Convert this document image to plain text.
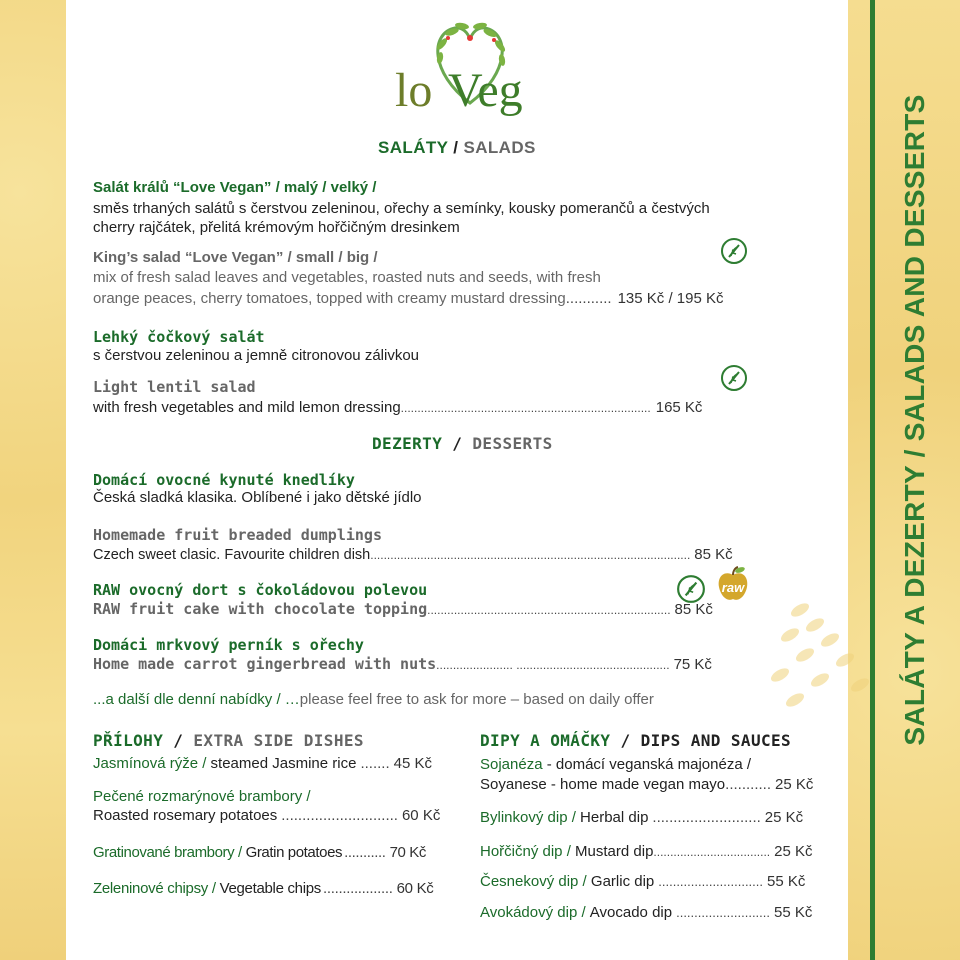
SALÁTY A DEZERTY / SALADS AND DESSERTS
lo Veg
SALÁTY / SALADS
Salát králů “Love Vegan” / malý / velký /
směs trhaných salátů s čerstvou zeleninou, ořechy a semínky, kousky pomerančů a čestvých
cherry rajčátek, přelitá krémovým hořčičným dresinkem
King’s salad “Love Vegan” / small / big /
mix of fresh salad leaves and vegetables, roasted nuts and seeds, with fresh
orange peaces, cherry tomatoes, topped with creamy mustard dressing ........... 135 Kč / 195 Kč
Lehký čočkový salát
s čerstvou zeleninou a jemně citronovou zálivkou
Light lentil salad
with fresh vegetables and mild lemon dressing ........................................................................... 165 Kč
DEZERTY / DESSERTS
Domácí ovocné kynuté knedlíky
Česká sladká klasika. Oblíbené i jako dětské jídlo
Homemade fruit breaded dumplings
Czech sweet clasic. Favourite children dish ................................................................................................ 85 Kč
RAW ovocný dort s čokoládovou polevou
RAW fruit cake with chocolate topping ......................................................................... 85 Kč
raw
Domáci mrkvový perník s ořechy
Home made carrot gingerbread with nuts ....................... .............................................. 75 Kč
...a další dle denní nabídky / …please feel free to ask for more – based on daily offer
PŘÍLOHY / EXTRA SIDE DISHES
Jasmínová rýže /
steamed Jasmine rice ....... 45 Kč
Pečené rozmarýnové brambory /
Roasted rosemary potatoes ............................ 60 Kč
Gratinované brambory /
Gratin potatoes ........... 70 Kč
Zeleninové chipsy /
Vegetable chips .................. 60 Kč
DIPY A OMÁČKY / DIPS AND SAUCES
Sojanéza - domácí veganská majonéza /
Soyanese - home made vegan mayo ........... 25 Kč
Bylinkový dip /
Herbal dip .......................... 25 Kč
Hořčičný dip /
Mustard dip ................................... 25 Kč
Česnekový dip /
Garlic dip ............................. 55 Kč
Avokádový dip /
Avocado dip .......................... 55 Kč
